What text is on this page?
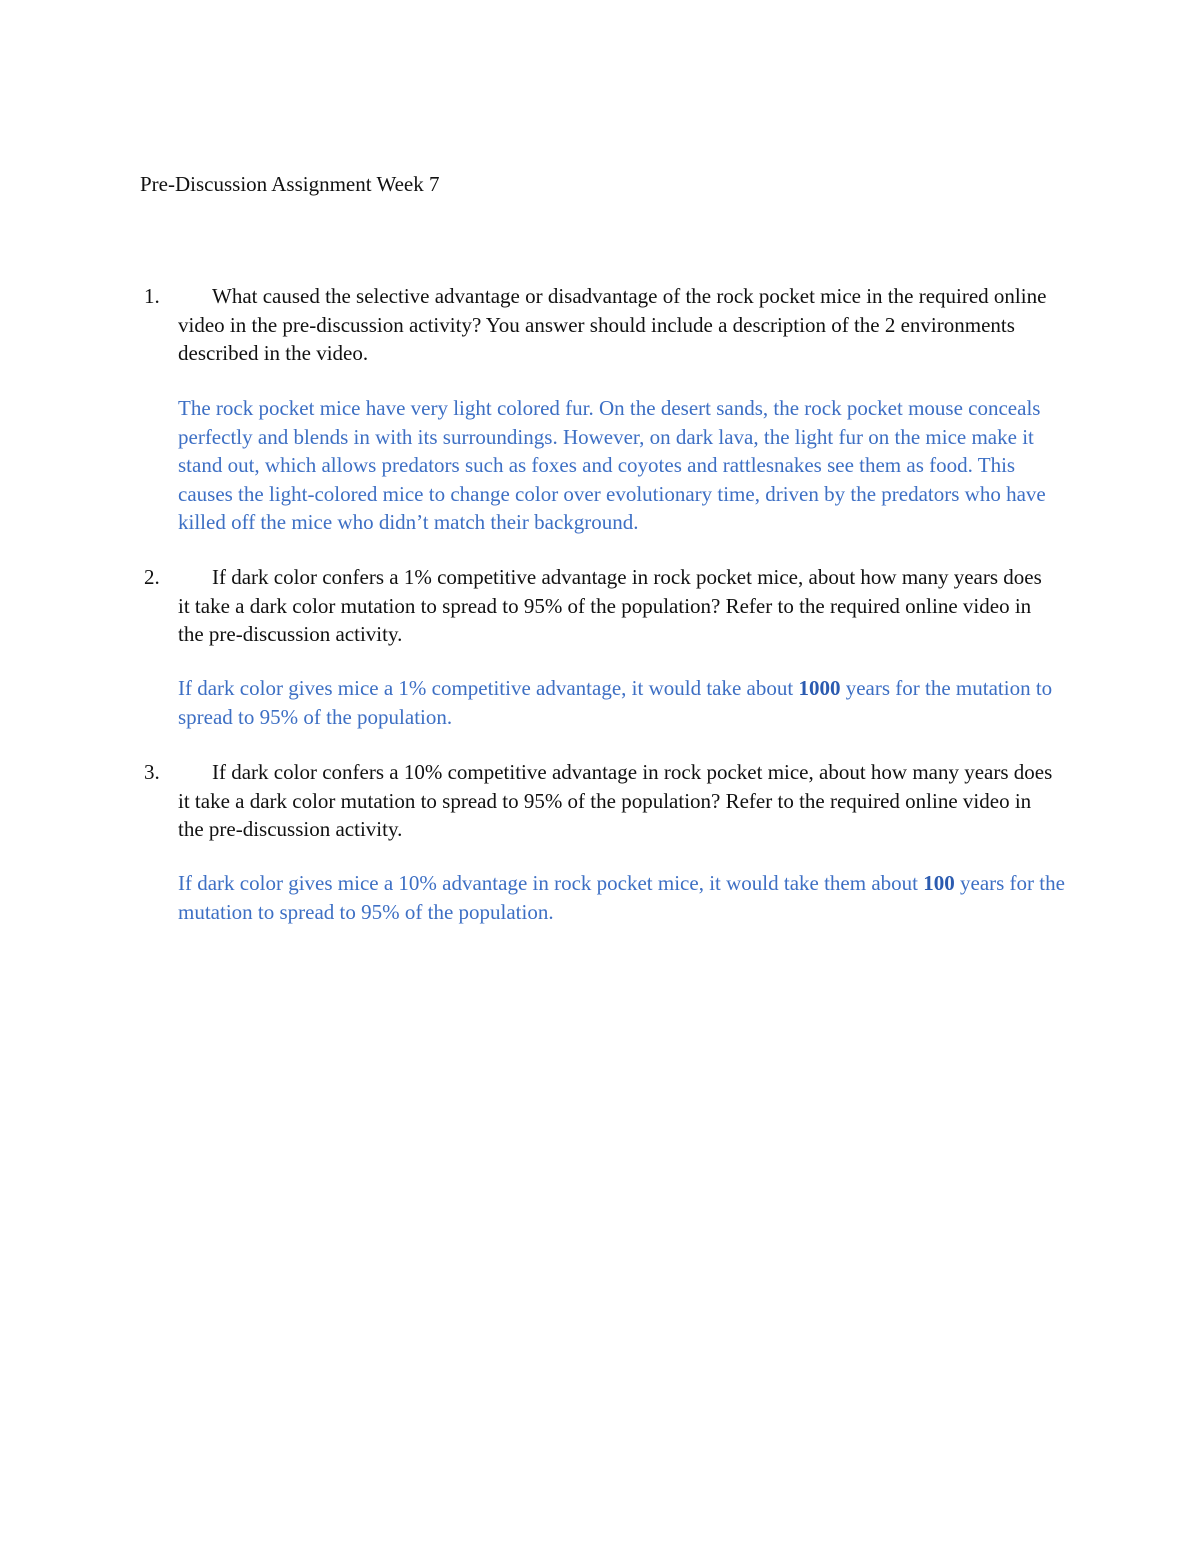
Pre-Discussion Assignment Week 7
1.	What caused the selective advantage or disadvantage of the rock pocket mice in the required online video in the pre-discussion activity? You answer should include a description of the 2 environments described in the video.
The rock pocket mice have very light colored fur. On the desert sands, the rock pocket mouse conceals perfectly and blends in with its surroundings. However, on dark lava, the light fur on the mice make it stand out, which allows predators such as foxes and coyotes and rattlesnakes see them as food. This causes the light-colored mice to change color over evolutionary time, driven by the predators who have killed off the mice who didn’t match their background.
2.	If dark color confers a 1% competitive advantage in rock pocket mice, about how many years does it take a dark color mutation to spread to 95% of the population? Refer to the required online video in the pre-discussion activity.
If dark color gives mice a 1% competitive advantage, it would take about 1000 years for the mutation to spread to 95% of the population.
3.	If dark color confers a 10% competitive advantage in rock pocket mice, about how many years does it take a dark color mutation to spread to 95% of the population? Refer to the required online video in the pre-discussion activity.
If dark color gives mice a 10% advantage in rock pocket mice, it would take them about 100 years for the mutation to spread to 95% of the population.
